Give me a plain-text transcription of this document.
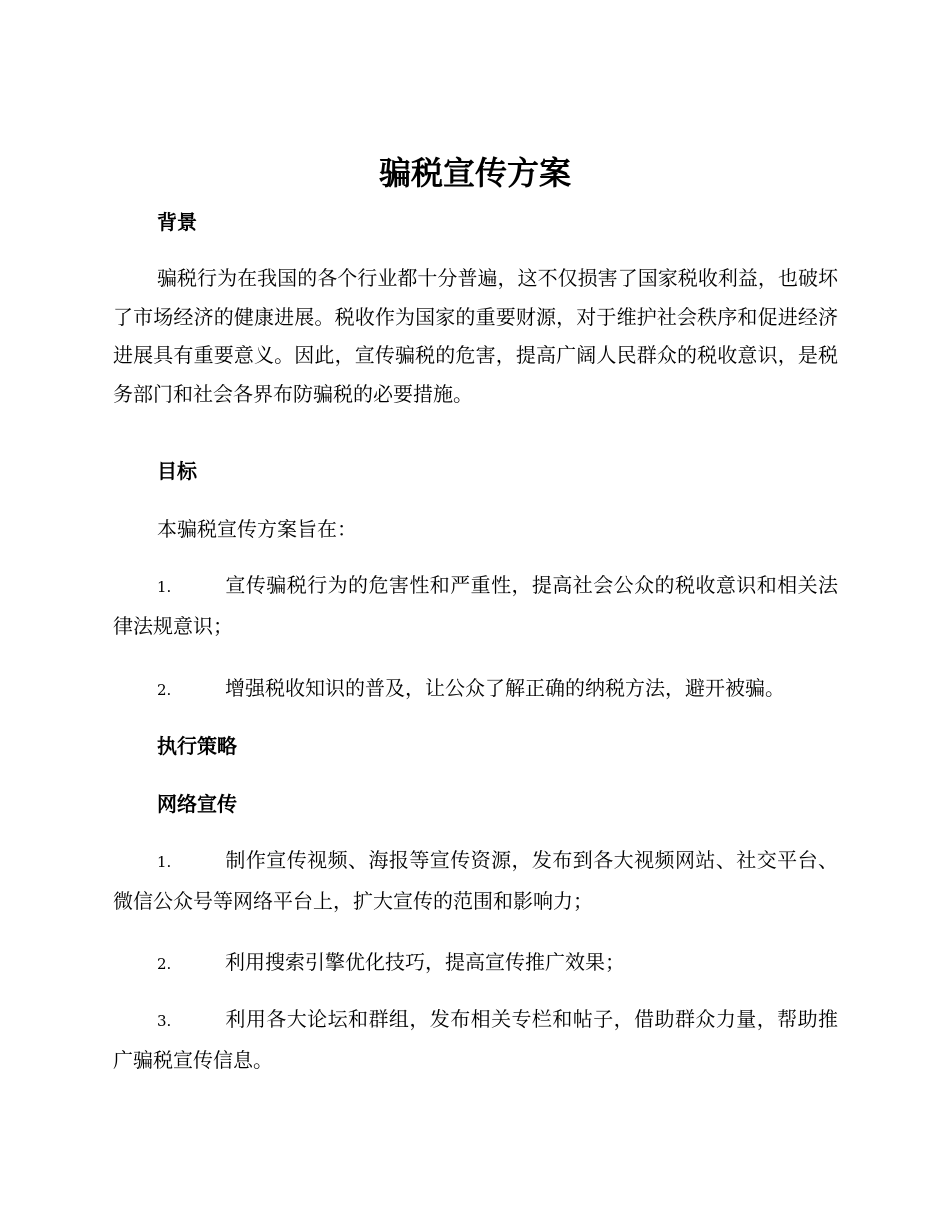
骗税宣传方案
背景
骗税行为在我国的各个行业都十分普遍，这不仅损害了国家税收利益，也破坏了市场经济的健康进展。税收作为国家的重要财源，对于维护社会秩序和促进经济进展具有重要意义。因此，宣传骗税的危害，提高广阔人民群众的税收意识，是税务部门和社会各界布防骗税的必要措施。
目标
本骗税宣传方案旨在：
1.	宣传骗税行为的危害性和严重性，提高社会公众的税收意识和相关法律法规意识；
2.	增强税收知识的普及，让公众了解正确的纳税方法，避开被骗。
执行策略
网络宣传
1.	制作宣传视频、海报等宣传资源，发布到各大视频网站、社交平台、微信公众号等网络平台上，扩大宣传的范围和影响力；
2.	利用搜索引擎优化技巧，提高宣传推广效果；
3.	利用各大论坛和群组，发布相关专栏和帖子，借助群众力量，帮助推广骗税宣传信息。
